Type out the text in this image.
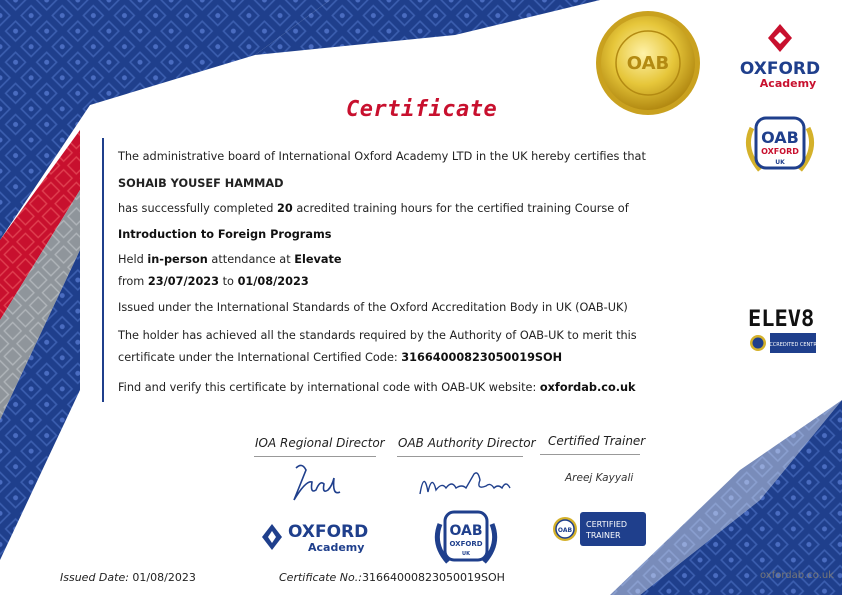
OAB	OXFORD
Academy
OAB
OXFORD
UK
ELEV8
ACCREDITED CENTRE
Certificate
The administrative board of International Oxford Academy LTD in the UK hereby certifies that
SOHAIB YOUSEF HAMMAD
has successfully completed 20 acredited training hours for the certified training Course of
Introduction to Foreign Programs
Held in-person attendance at Elevate
from 23/07/2023 to 01/08/2023
Issued under the International Standards of the Oxford Accreditation Body in UK (OAB-UK)
The holder has achieved all the standards required by the Authority of OAB-UK to merit this
certificate under the International Certified Code: 31664000823050019SOH
Find and verify this certificate by international code with OAB-UK website: oxfordab.co.uk
IOA Regional Director OAB Authority Director Certified Trainer
Areej Kayyali
OXFORD
Academy
OAB
OXFORD
UK
OAB
CERTIFIED
TRAINER
Issued Date: 01/08/2023	Certificate No.:31664000823050019SOH	oxfordab.co.uk
